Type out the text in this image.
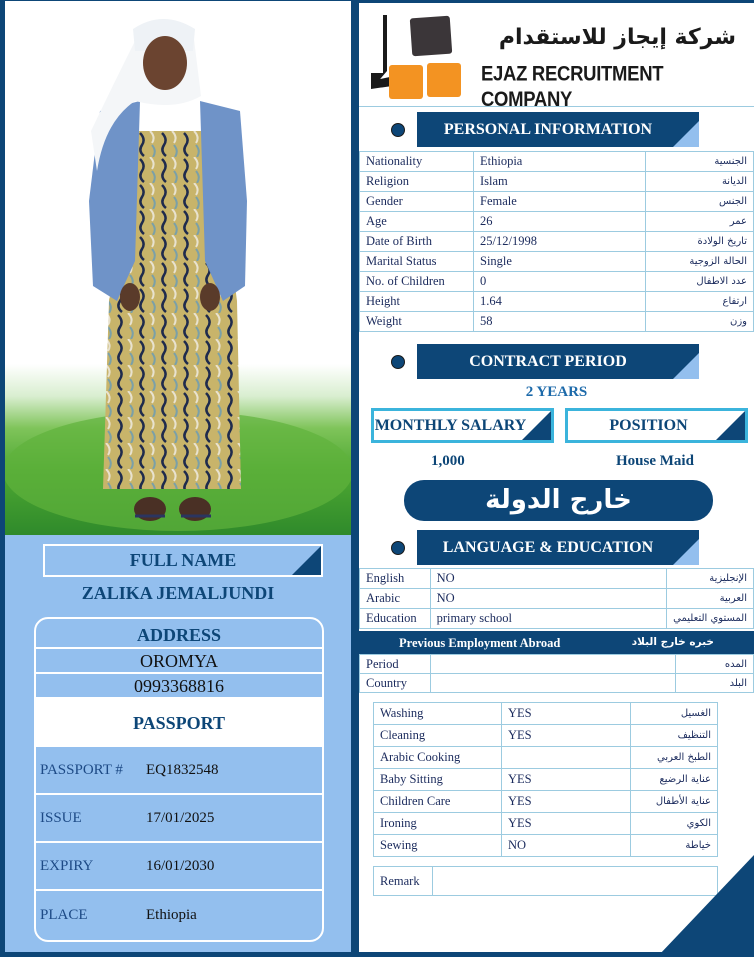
FULL NAME
ZALIKA JEMALJUNDI
ADDRESS
OROMYA
0993368816
PASSPORT
PASSPORT #	EQ1832548
ISSUE	17/01/2025
EXPIRY	16/01/2030
PLACE	Ethiopia
شركة إيجاز للاستقدام
EJAZ RECRUITMENT COMPANY
PERSONAL INFORMATION
Nationality	Ethiopia	الجنسية
Religion	Islam	الديانة
Gender	Female	الجنس
Age	26	عمر
Date of Birth	25/12/1998	تاريخ الولادة
Marital Status	Single	الحالة الزوجية
No. of Children	0	عدد الاطفال
Height	1.64	ارتفاع
Weight	58	وزن
CONTRACT PERIOD
2 YEARS
MONTHLY SALARY	POSITION
1,000	House Maid
خارج الدولة
LANGUAGE & EDUCATION
English	NO	الإنجليزية
Arabic	NO	العربية
Education	primary school	المستوي التعليمي
Previous Employment Abroad	خبره خارج البلاد
Period		المده
Country		البلد
Washing	YES	الغسيل
Cleaning	YES	التنظيف
Arabic Cooking		الطبخ العربي
Baby Sitting	YES	عناية الرضيع
Children Care	YES	عناية الأطفال
Ironing	YES	الكوي
Sewing	NO	خياطة
Remark	
